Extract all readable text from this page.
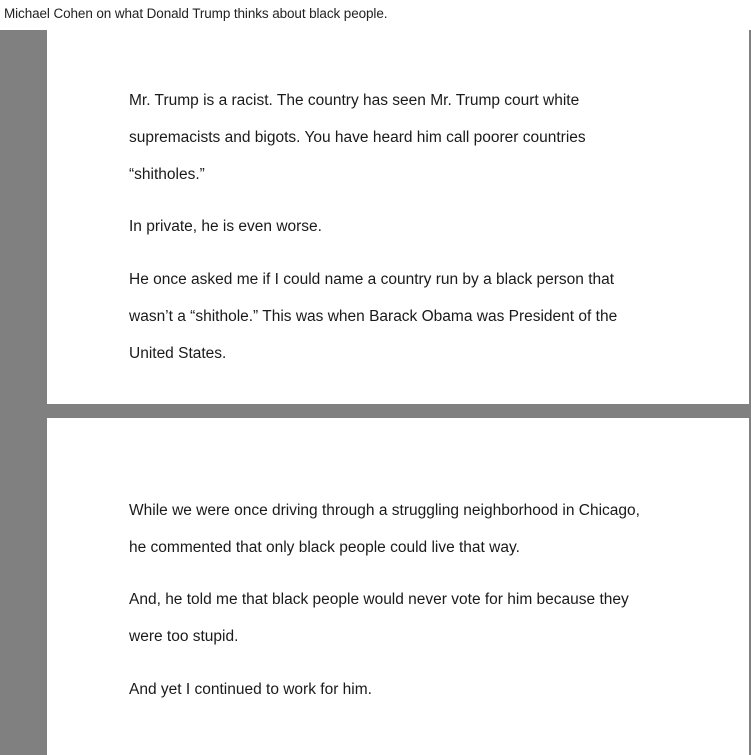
Michael Cohen on what Donald Trump thinks about black people.

Mr. Trump is a racist. The country has seen Mr. Trump court white
supremacists and bigots. You have heard him call poorer countries
“shitholes.”

In private, he is even worse.

He once asked me if I could name a country run by a black person that
wasn’t a “shithole.” This was when Barack Obama was President of the
United States.

While we were once driving through a struggling neighborhood in Chicago,
he commented that only black people could live that way.

And, he told me that black people would never vote for him because they
were too stupid.

And yet I continued to work for him.
